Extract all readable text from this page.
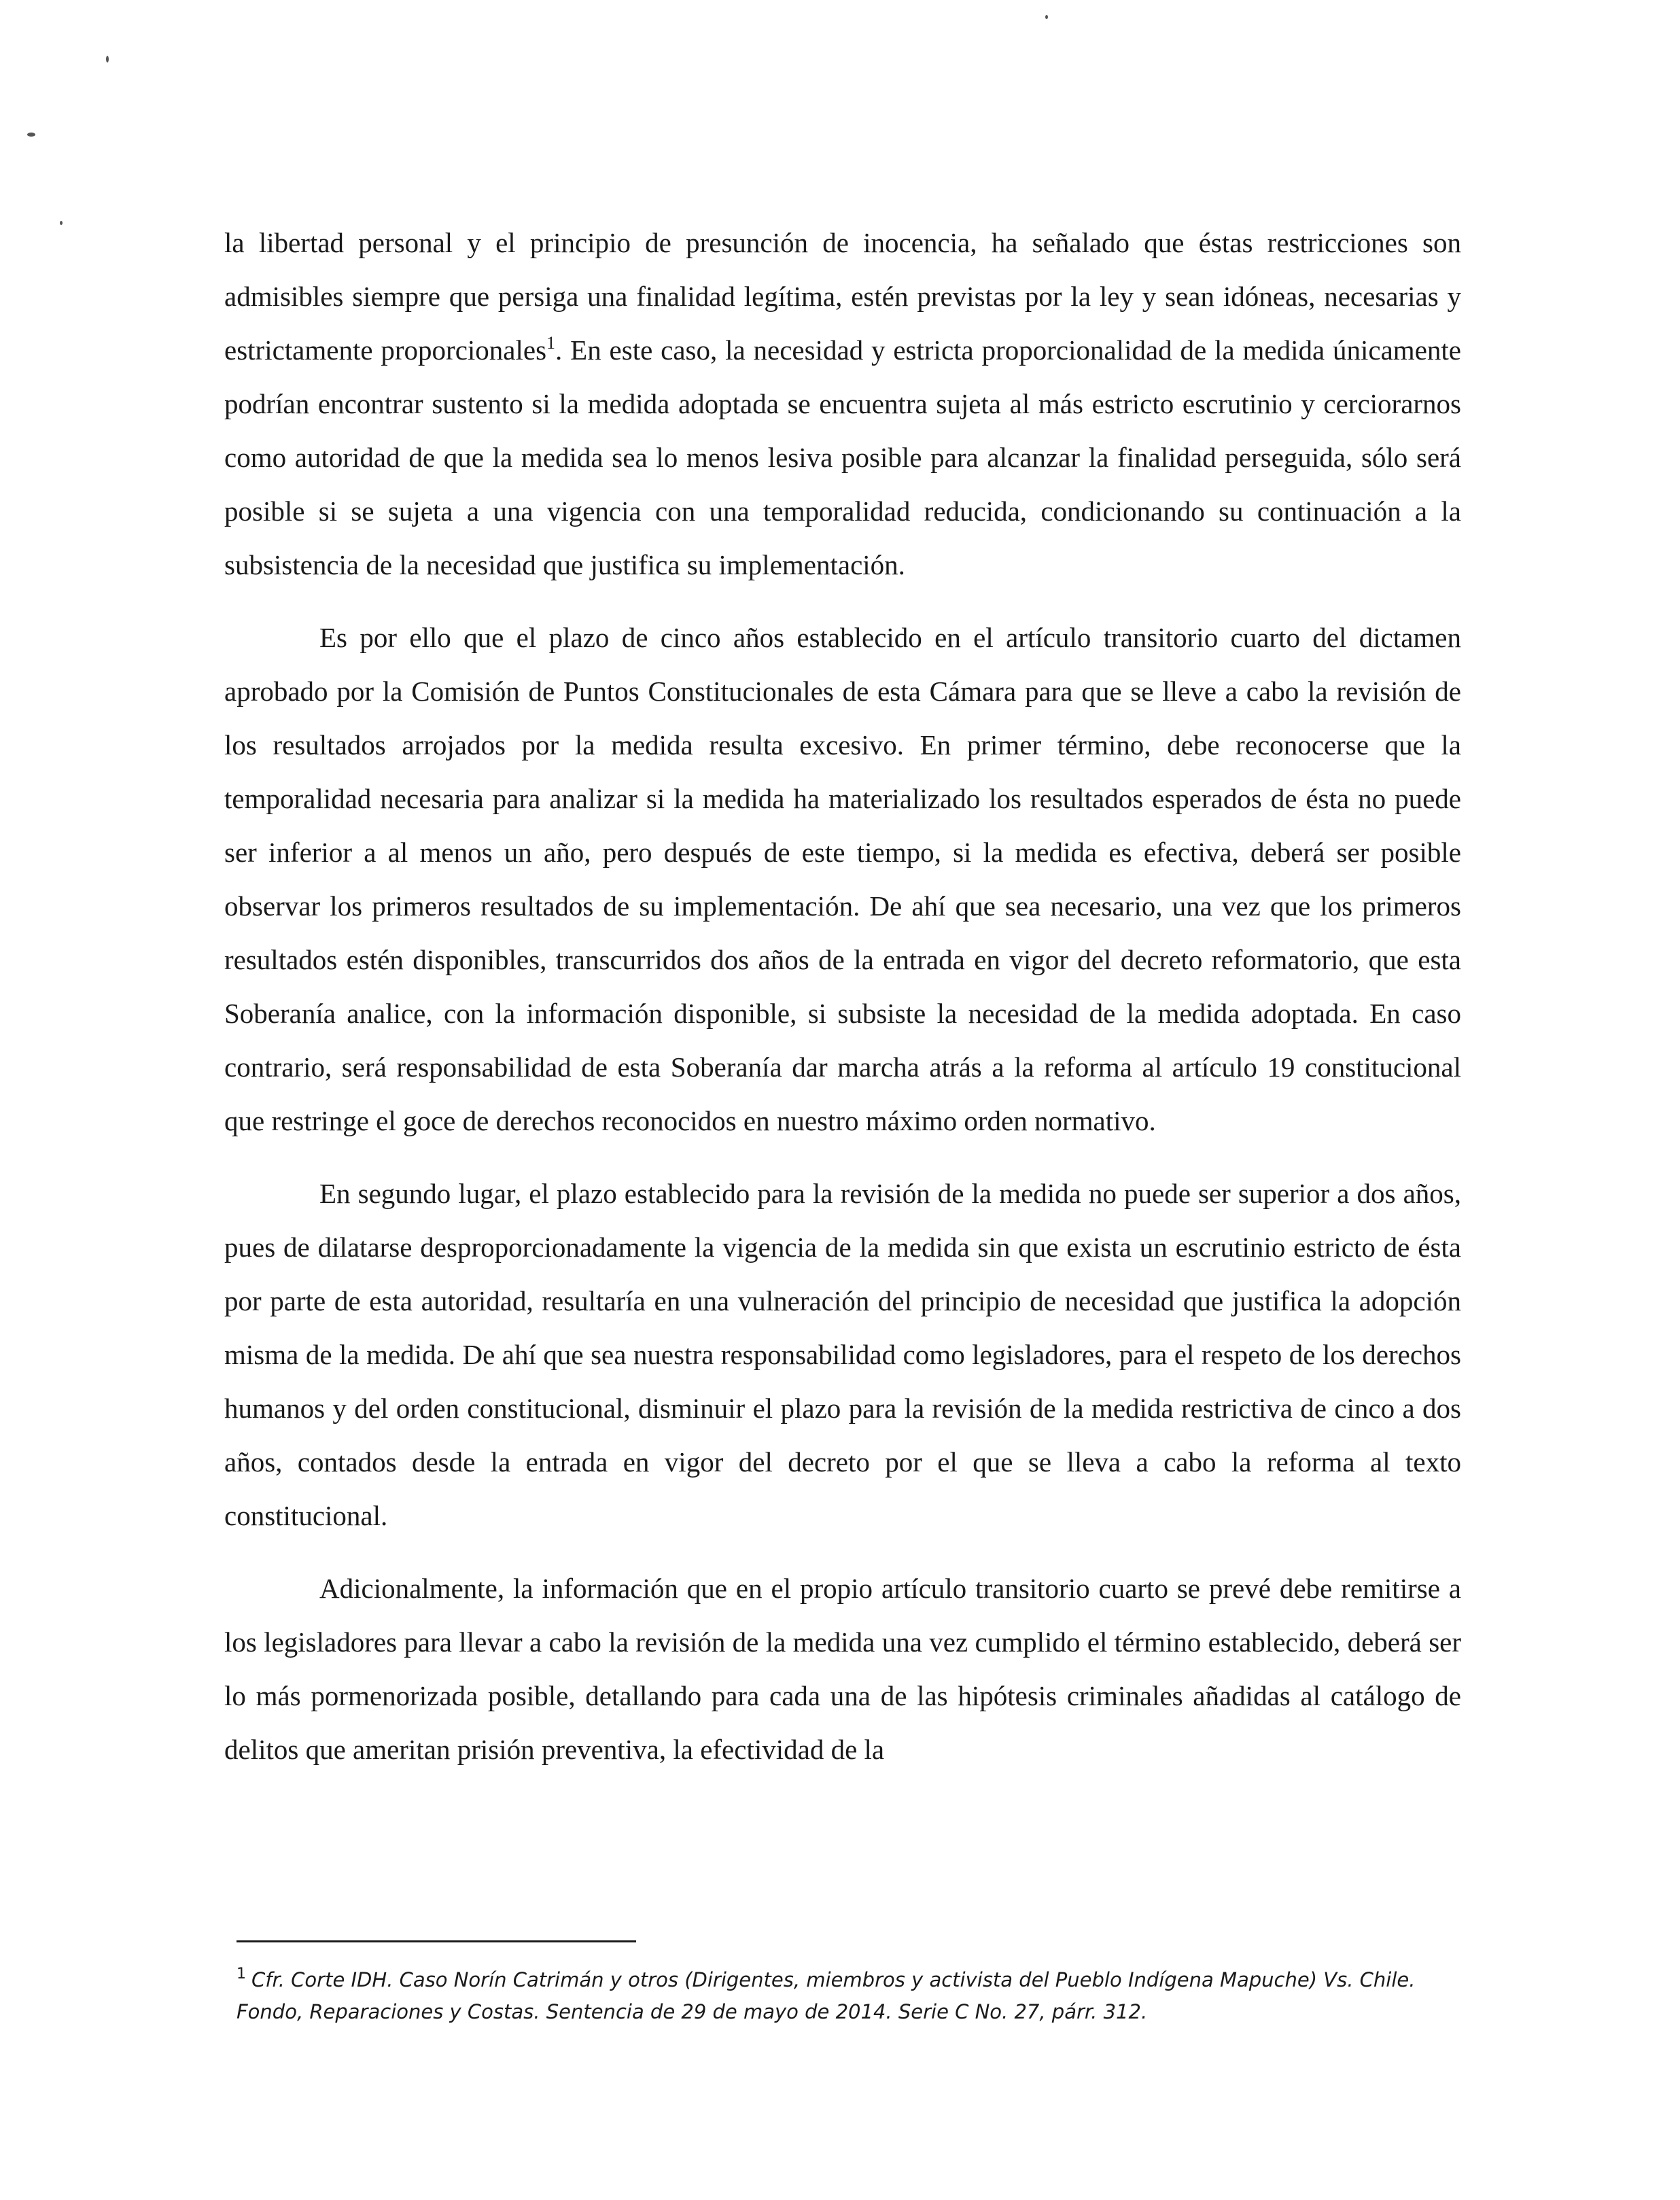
la libertad personal y el principio de presunción de inocencia, ha señalado que éstas restricciones son admisibles siempre que persiga una finalidad legítima, estén previstas por la ley y sean idóneas, necesarias y estrictamente proporcionales$^1$. En este caso, la necesidad y estricta proporcionalidad de la medida únicamente podrían encontrar sustento si la medida adoptada se encuentra sujeta al más estricto escrutinio y cerciorarnos como autoridad de que la medida sea lo menos lesiva posible para alcanzar la finalidad perseguida, sólo será posible si se sujeta a una vigencia con una temporalidad reducida, condicionando su continuación a la subsistencia de la necesidad que justifica su implementación.

Es por ello que el plazo de cinco años establecido en el artículo transitorio cuarto del dictamen aprobado por la Comisión de Puntos Constitucionales de esta Cámara para que se lleve a cabo la revisión de los resultados arrojados por la medida resulta excesivo. En primer término, debe reconocerse que la temporalidad necesaria para analizar si la medida ha materializado los resultados esperados de ésta no puede ser inferior a al menos un año, pero después de este tiempo, si la medida es efectiva, deberá ser posible observar los primeros resultados de su implementación. De ahí que sea necesario, una vez que los primeros resultados estén disponibles, transcurridos dos años de la entrada en vigor del decreto reformatorio, que esta Soberanía analice, con la información disponible, si subsiste la necesidad de la medida adoptada. En caso contrario, será responsabilidad de esta Soberanía dar marcha atrás a la reforma al artículo 19 constitucional que restringe el goce de derechos reconocidos en nuestro máximo orden normativo.

En segundo lugar, el plazo establecido para la revisión de la medida no puede ser superior a dos años, pues de dilatarse desproporcionadamente la vigencia de la medida sin que exista un escrutinio estricto de ésta por parte de esta autoridad, resultaría en una vulneración del principio de necesidad que justifica la adopción misma de la medida. De ahí que sea nuestra responsabilidad como legisladores, para el respeto de los derechos humanos y del orden constitucional, disminuir el plazo para la revisión de la medida restrictiva de cinco a dos años, contados desde la entrada en vigor del decreto por el que se lleva a cabo la reforma al texto constitucional.

Adicionalmente, la información que en el propio artículo transitorio cuarto se prevé debe remitirse a los legisladores para llevar a cabo la revisión de la medida una vez cumplido el término establecido, deberá ser lo más pormenorizada posible, detallando para cada una de las hipótesis criminales añadidas al catálogo de delitos que ameritan prisión preventiva, la efectividad de la

$^1$ Cfr. Corte IDH. Caso Norín Catrimán y otros (Dirigentes, miembros y activista del Pueblo Indígena Mapuche) Vs. Chile. Fondo, Reparaciones y Costas. Sentencia de 29 de mayo de 2014. Serie C No. 27, párr. 312.
